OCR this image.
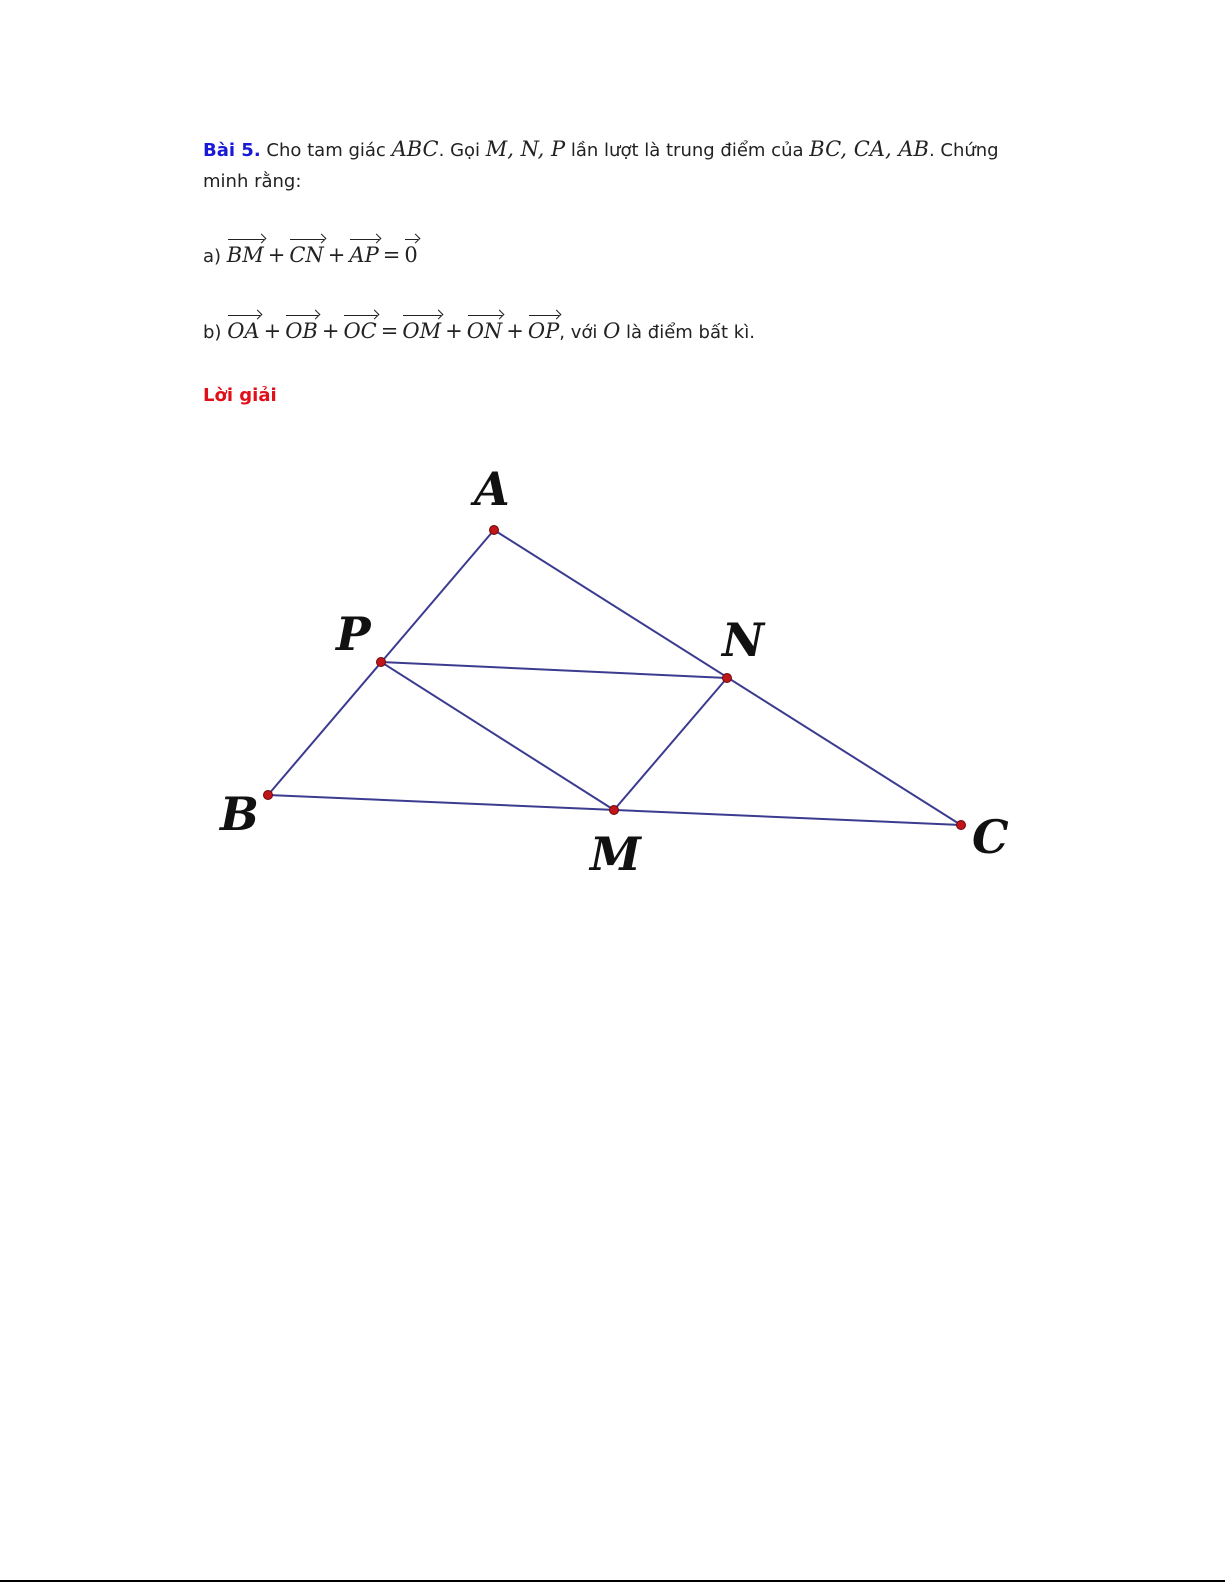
Bài 5. Cho tam giác ABC. Gọi M, N, P lần lượt là trung điểm của BC, CA, AB. Chứng minh rằng:
a) BM + CN + AP = 0
b) OA + OB + OC = OM + ON + OP, với O là điểm bất kì.
Lời giải
A
B	C
M
N
P
